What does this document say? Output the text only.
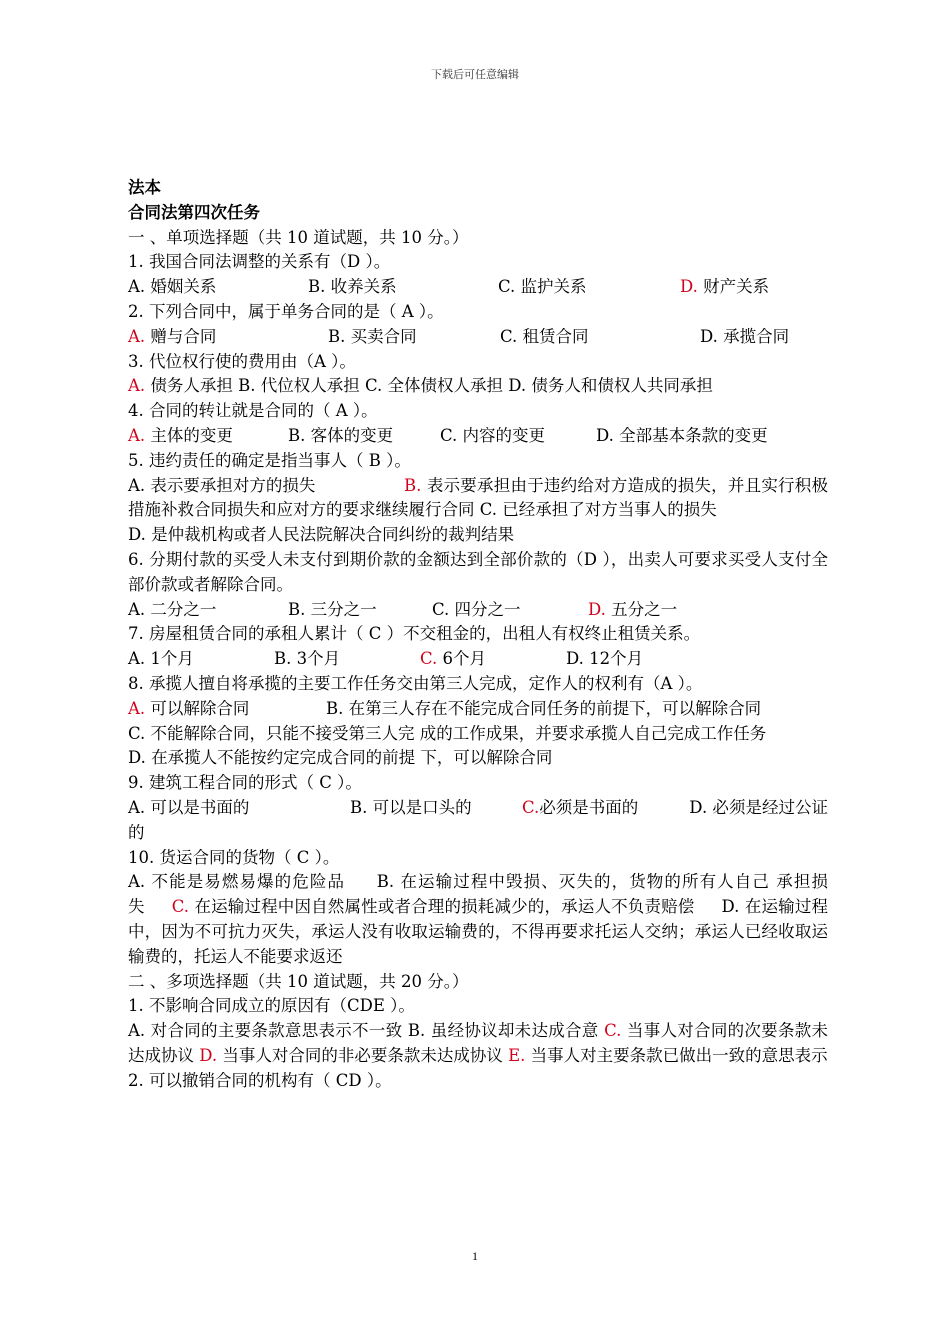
下载后可任意编辑
法本
合同法第四次任务
一 、单项选择题（共 10 道试题，共 10 分。）
1. 我国合同法调整的关系有（D ）。
A. 婚姻关系	B. 收养关系	C. 监护关系	D. 财产关系
2. 下列合同中，属于单务合同的是（ A ）。
A. 赠与合同	B. 买卖合同	C. 租赁合同	D. 承揽合同
3. 代位权行使的费用由（A ）。
A. 债务人承担 B. 代位权人承担 C. 全体债权人承担 D. 债务人和债权人共同承担
4. 合同的转让就是合同的（ A ）。
A. 主体的变更	B. 客体的变更	C. 内容的变更	D. 全部基本条款的变更
5. 违约责任的确定是指当事人（ B ）。
A. 表示要承担对方的损失	B. 表示要承担由于违约给对方造成的损失，并且实行积极措施补救合同损失和应对方的要求继续履行合同 C. 已经承担了对方当事人的损失
D. 是仲裁机构或者人民法院解决合同纠纷的裁判结果
6. 分期付款的买受人未支付到期价款的金额达到全部价款的（D ），出卖人可要求买受人支付全部价款或者解除合同。
A. 二分之一	B. 三分之一	C. 四分之一	D. 五分之一
7. 房屋租赁合同的承租人累计（ C ）不交租金的，出租人有权终止租赁关系。
A. 1个月	B. 3个月	C. 6个月	D. 12个月
8. 承揽人擅自将承揽的主要工作任务交由第三人完成，定作人的权利有（A ）。
A. 可以解除合同	B. 在第三人存在不能完成合同任务的前提下，可以解除合同
C. 不能解除合同，只能不接受第三人完 成的工作成果，并要求承揽人自己完成工作任务
D. 在承揽人不能按约定完成合同的前提 下，可以解除合同
9. 建筑工程合同的形式（ C ）。
A. 可以是书面的	B. 可以是口头的	C.必须是书面的	D. 必须是经过公证的
10. 货运合同的货物（ C ）。
A. 不能是易燃易爆的危险品 B. 在运输过程中毁损、灭失的，货物的所有人自己 承担损失 C. 在运输过程中因自然属性或者合理的损耗减少的，承运人不负责赔偿 D. 在运输过程中，因为不可抗力灭失，承运人没有收取运输费的，不得再要求托运人交纳；承运人已经收取运输费的，托运人不能要求返还
二 、多项选择题（共 10 道试题，共 20 分。）
1. 不影响合同成立的原因有（CDE ）。
A. 对合同的主要条款意思表示不一致 B. 虽经协议却未达成合意 C. 当事人对合同的次要条款未达成协议 D. 当事人对合同的非必要条款未达成协议 E. 当事人对主要条款已做出一致的意思表示
2. 可以撤销合同的机构有（ CD ）。
1
